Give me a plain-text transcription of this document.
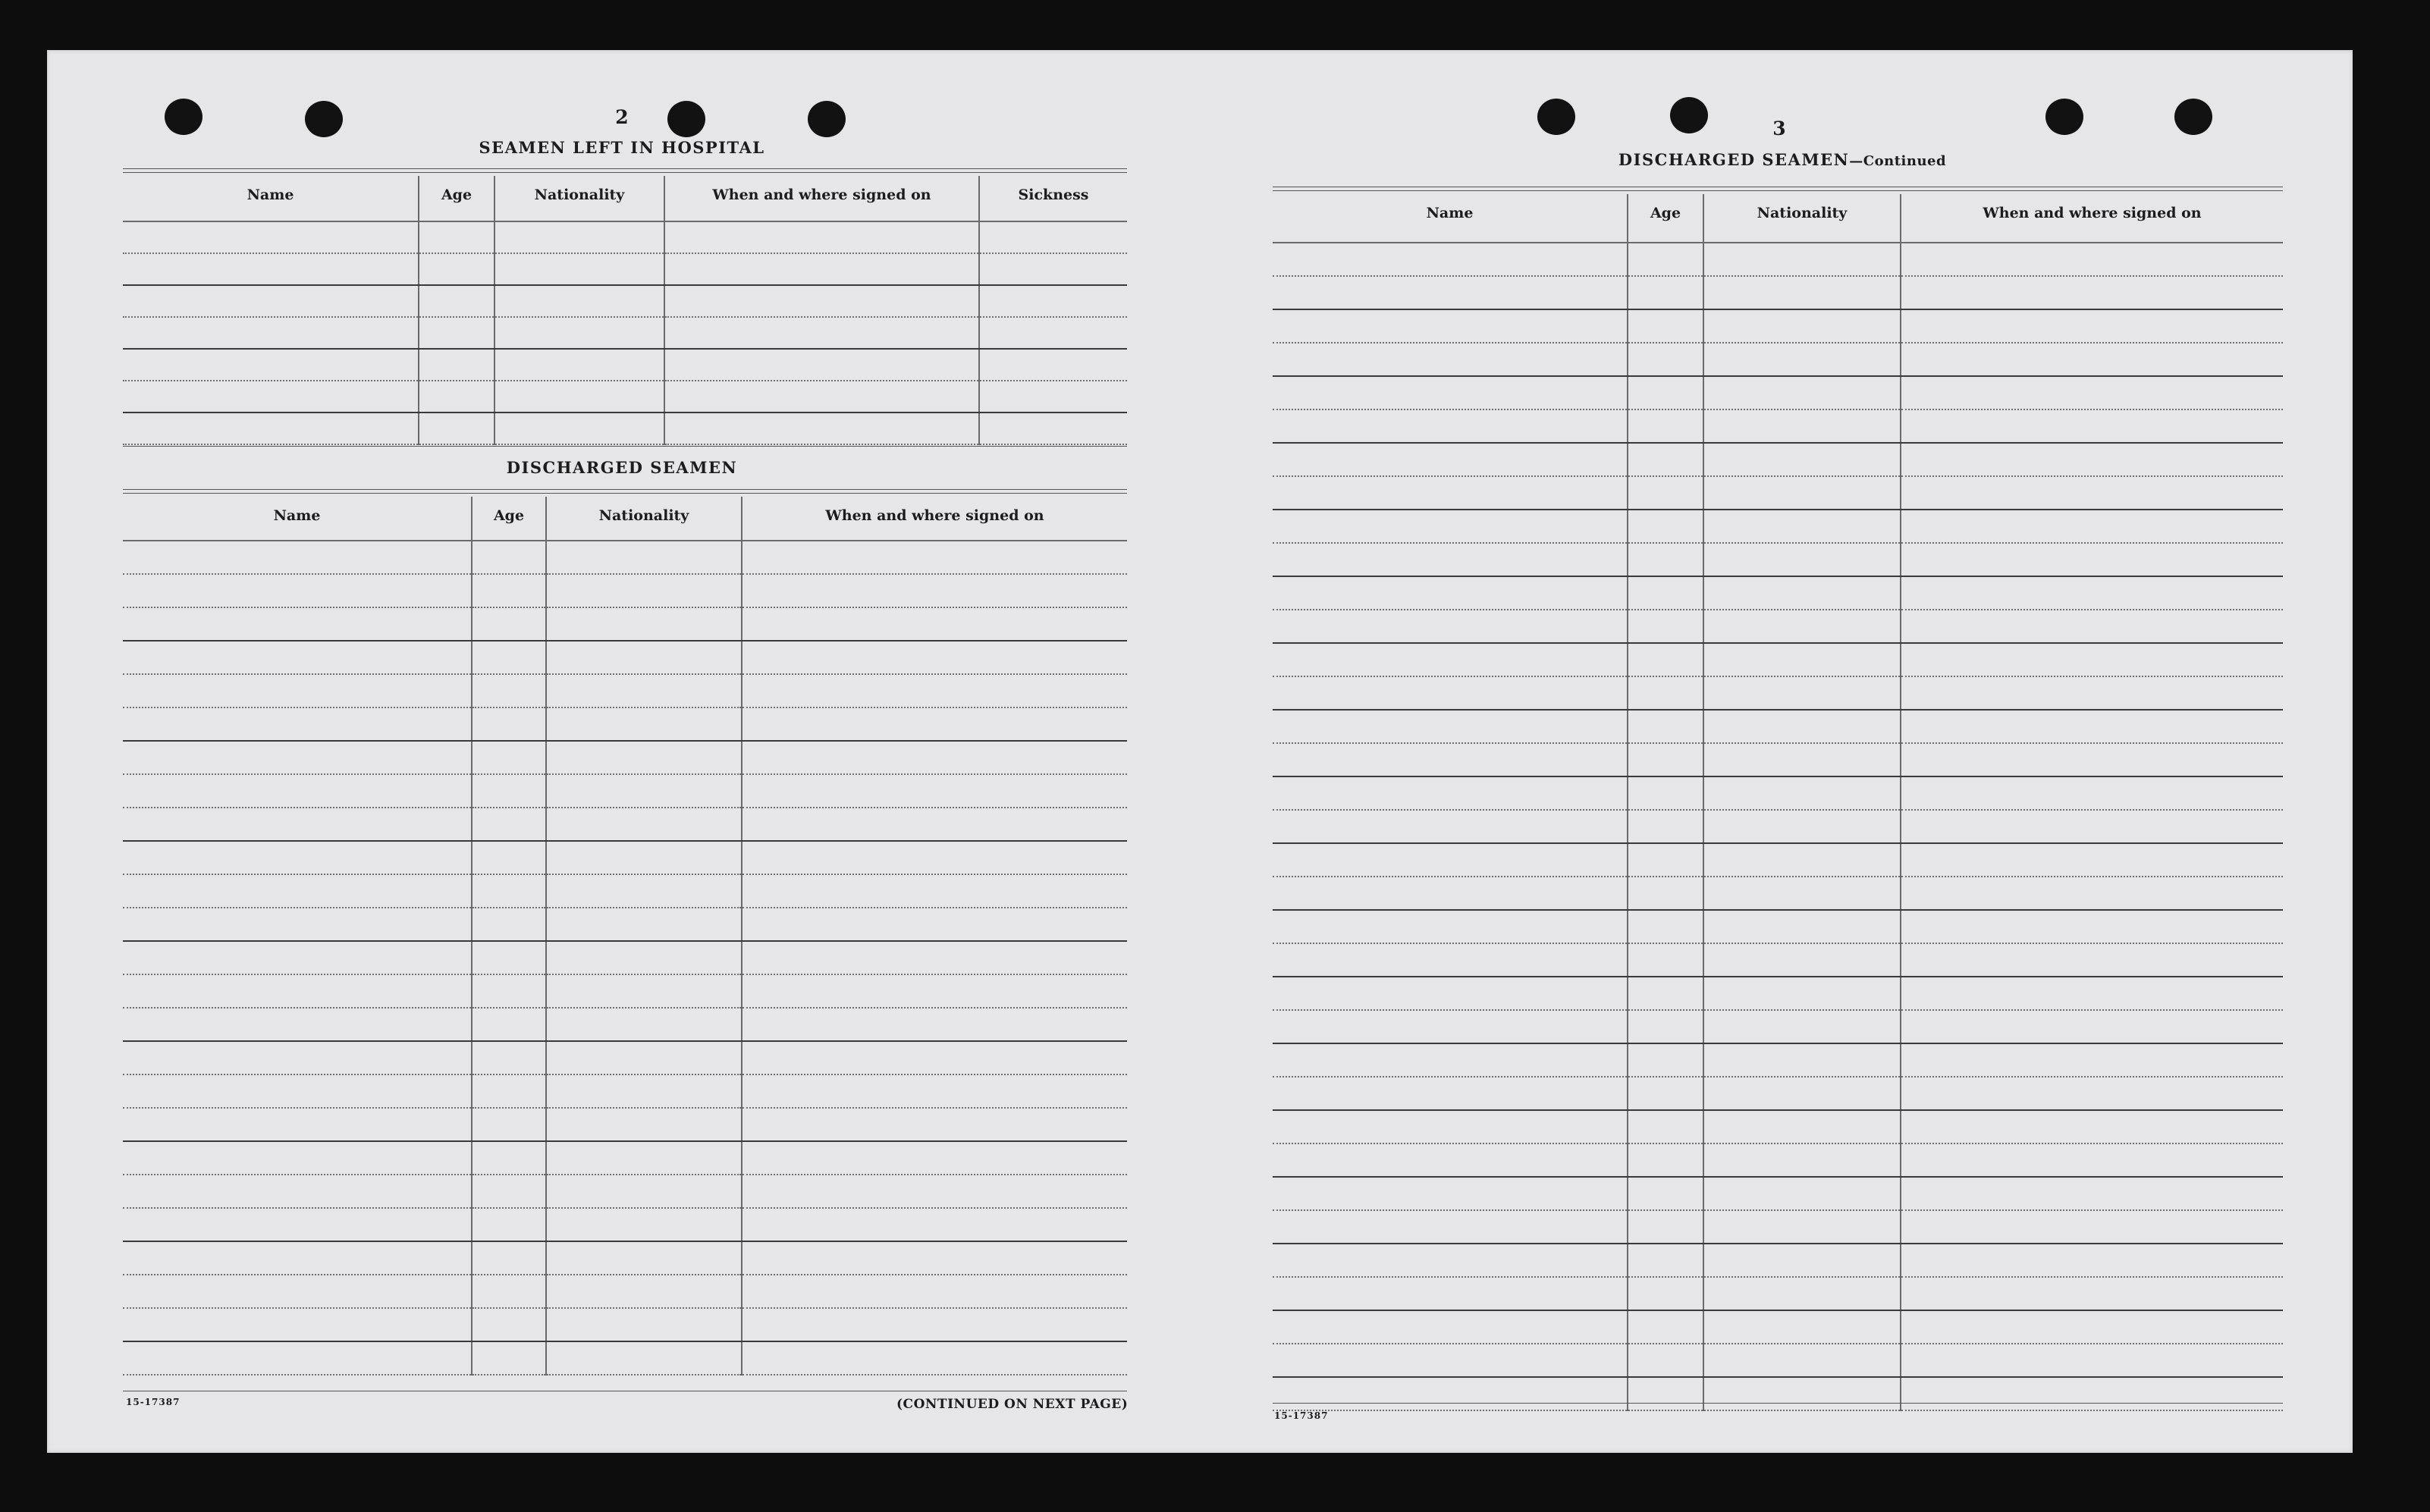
2
SEAMEN LEFT IN HOSPITAL
Name	Age	Nationality	When and where signed on	Sickness

DISCHARGED SEAMEN
Name	Age	Nationality	When and where signed on

15-17387	(CONTINUED ON NEXT PAGE)
3
DISCHARGED SEAMEN—Continued
Name	Age	Nationality	When and where signed on

15-17387
